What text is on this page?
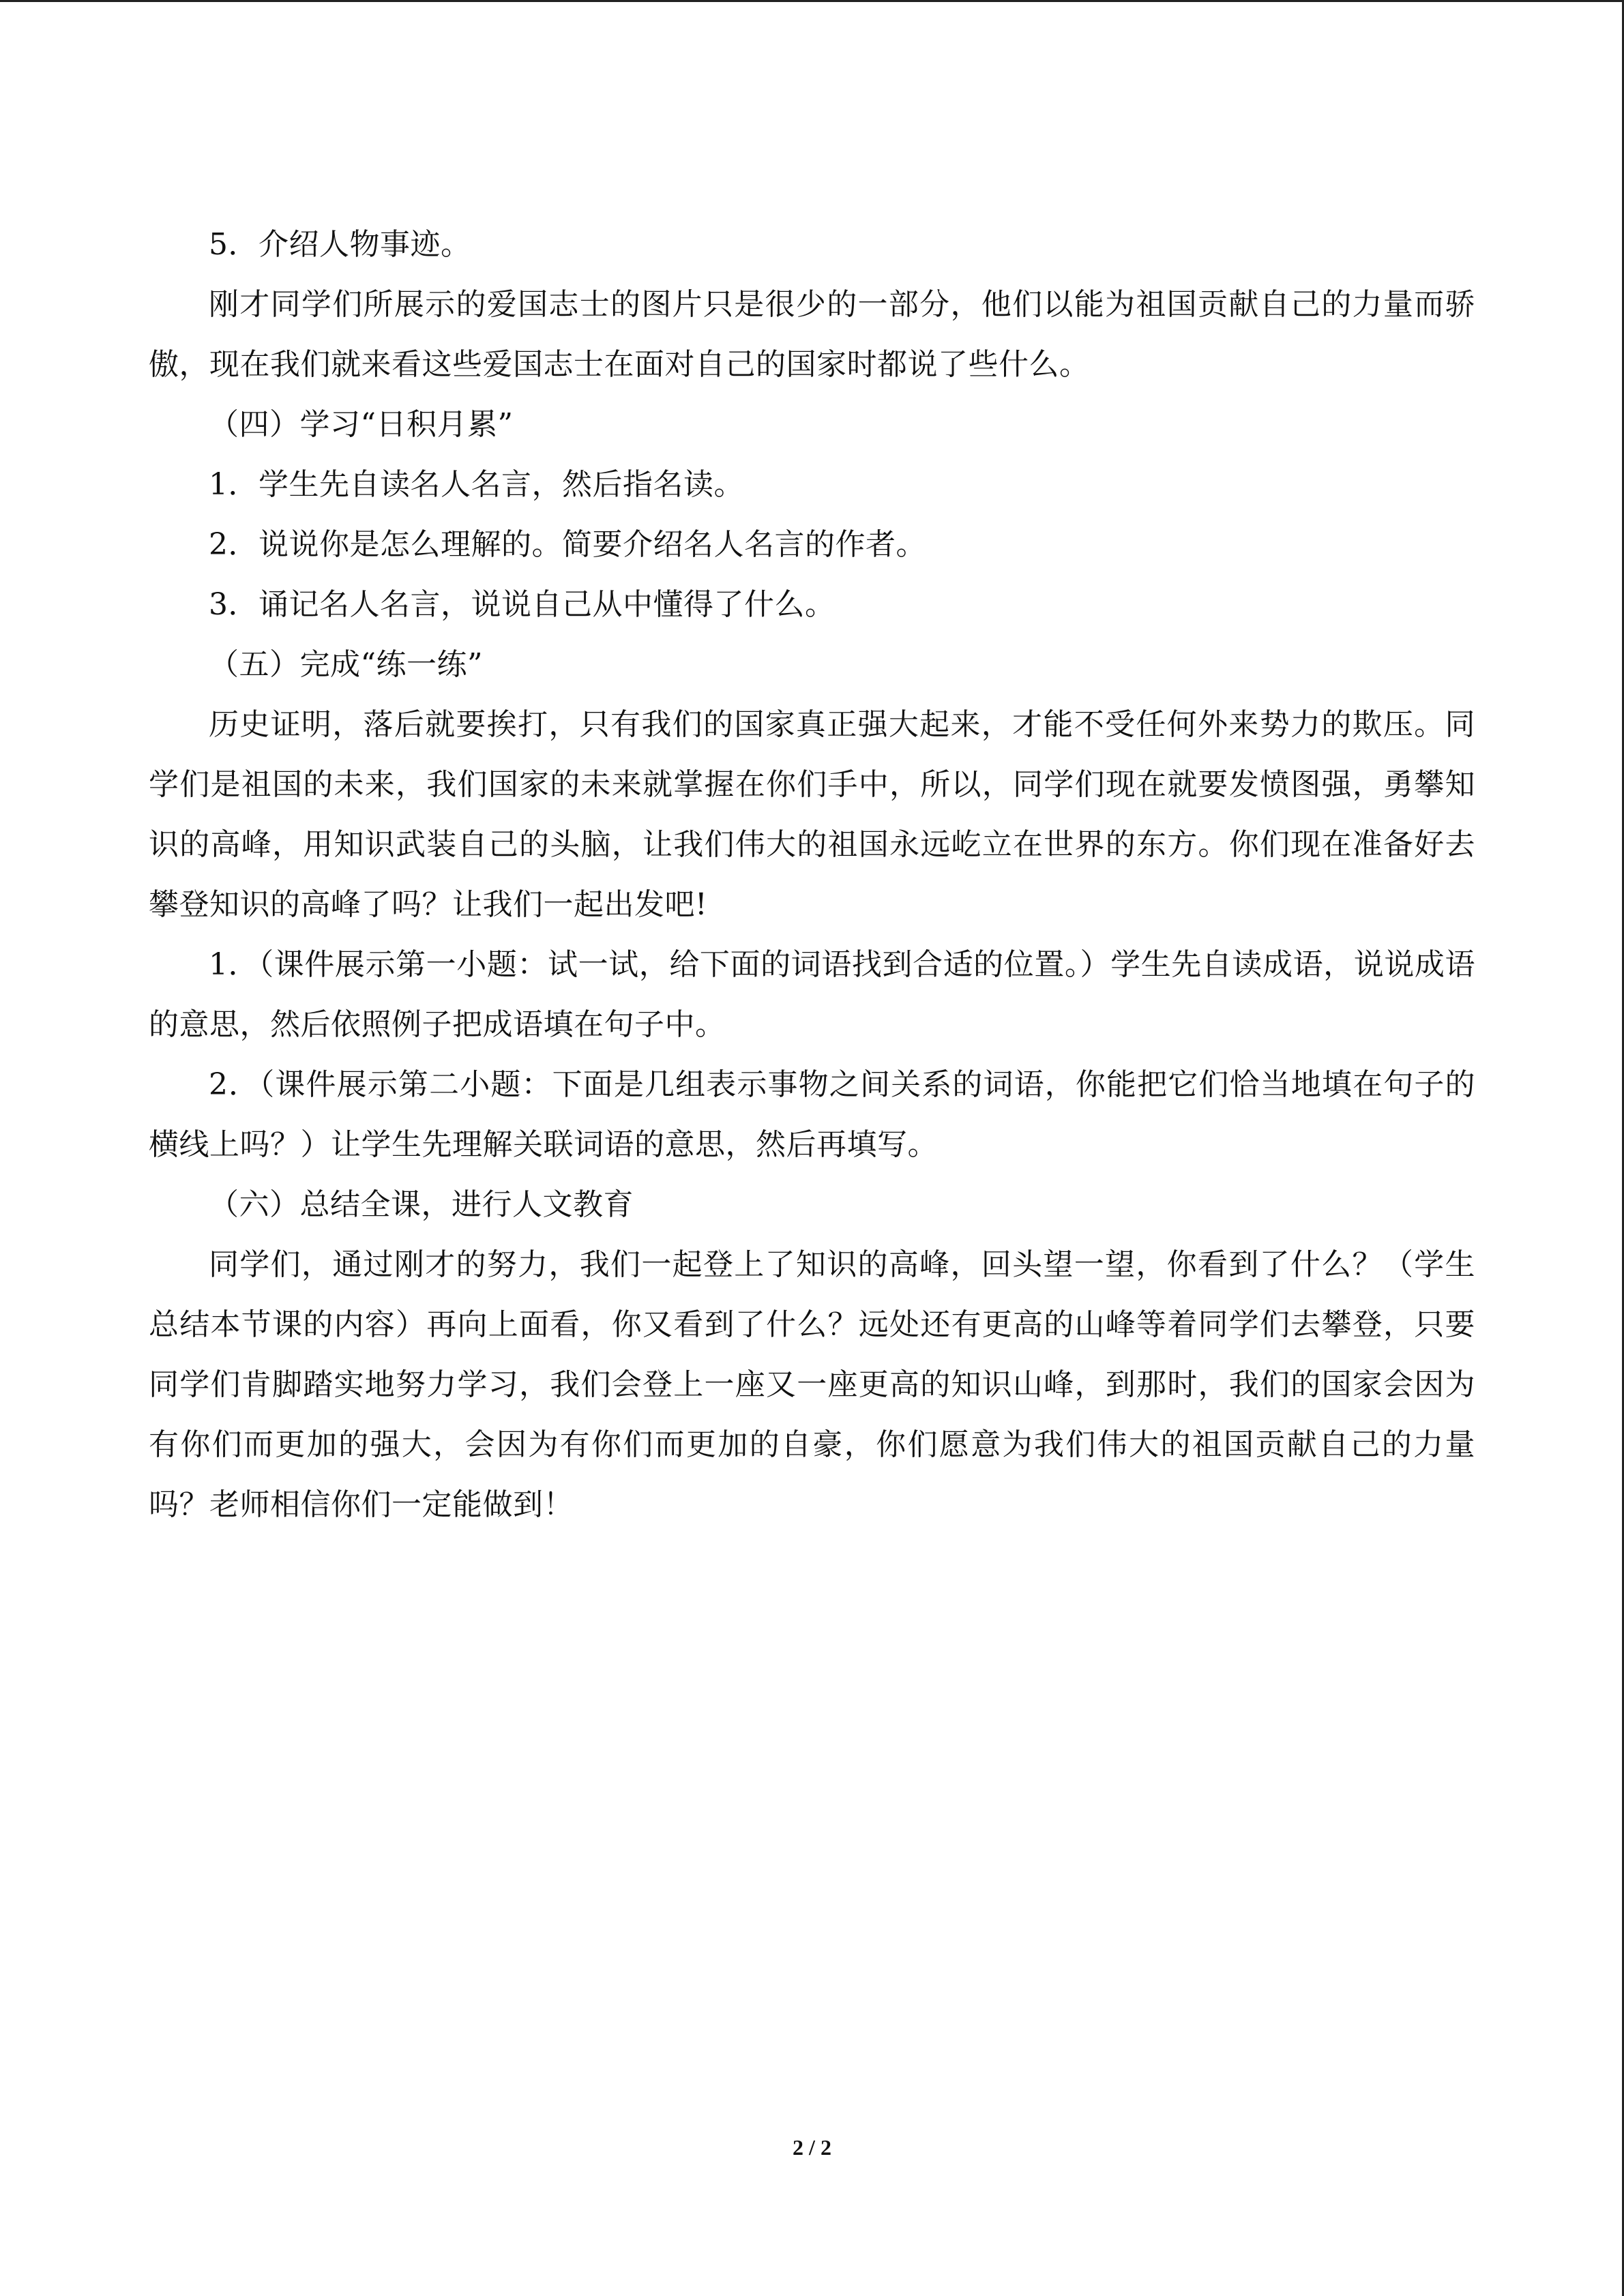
5．介绍人物事迹。

刚才同学们所展示的爱国志士的图片只是很少的一部分，他们以能为祖国贡献自己的力量而骄傲，现在我们就来看这些爱国志士在面对自己的国家时都说了些什么。

（四）学习“日积月累”

1．学生先自读名人名言，然后指名读。

2．说说你是怎么理解的。简要介绍名人名言的作者。

3．诵记名人名言，说说自己从中懂得了什么。

（五）完成“练一练”

历史证明，落后就要挨打，只有我们的国家真正强大起来，才能不受任何外来势力的欺压。同学们是祖国的未来，我们国家的未来就掌握在你们手中，所以，同学们现在就要发愤图强，勇攀知识的高峰，用知识武装自己的头脑，让我们伟大的祖国永远屹立在世界的东方。你们现在准备好去攀登知识的高峰了吗？让我们一起出发吧!

1．（课件展示第一小题：试一试，给下面的词语找到合适的位置。）学生先自读成语，说说成语的意思，然后依照例子把成语填在句子中。

2．（课件展示第二小题：下面是几组表示事物之间关系的词语，你能把它们恰当地填在句子的横线上吗？）让学生先理解关联词语的意思，然后再填写。

（六）总结全课，进行人文教育

同学们，通过刚才的努力，我们一起登上了知识的高峰，回头望一望，你看到了什么？（学生总结本节课的内容）再向上面看，你又看到了什么？远处还有更高的山峰等着同学们去攀登，只要同学们肯脚踏实地努力学习，我们会登上一座又一座更高的知识山峰，到那时，我们的国家会因为有你们而更加的强大，会因为有你们而更加的自豪，你们愿意为我们伟大的祖国贡献自己的力量吗？老师相信你们一定能做到！

2 / 2
